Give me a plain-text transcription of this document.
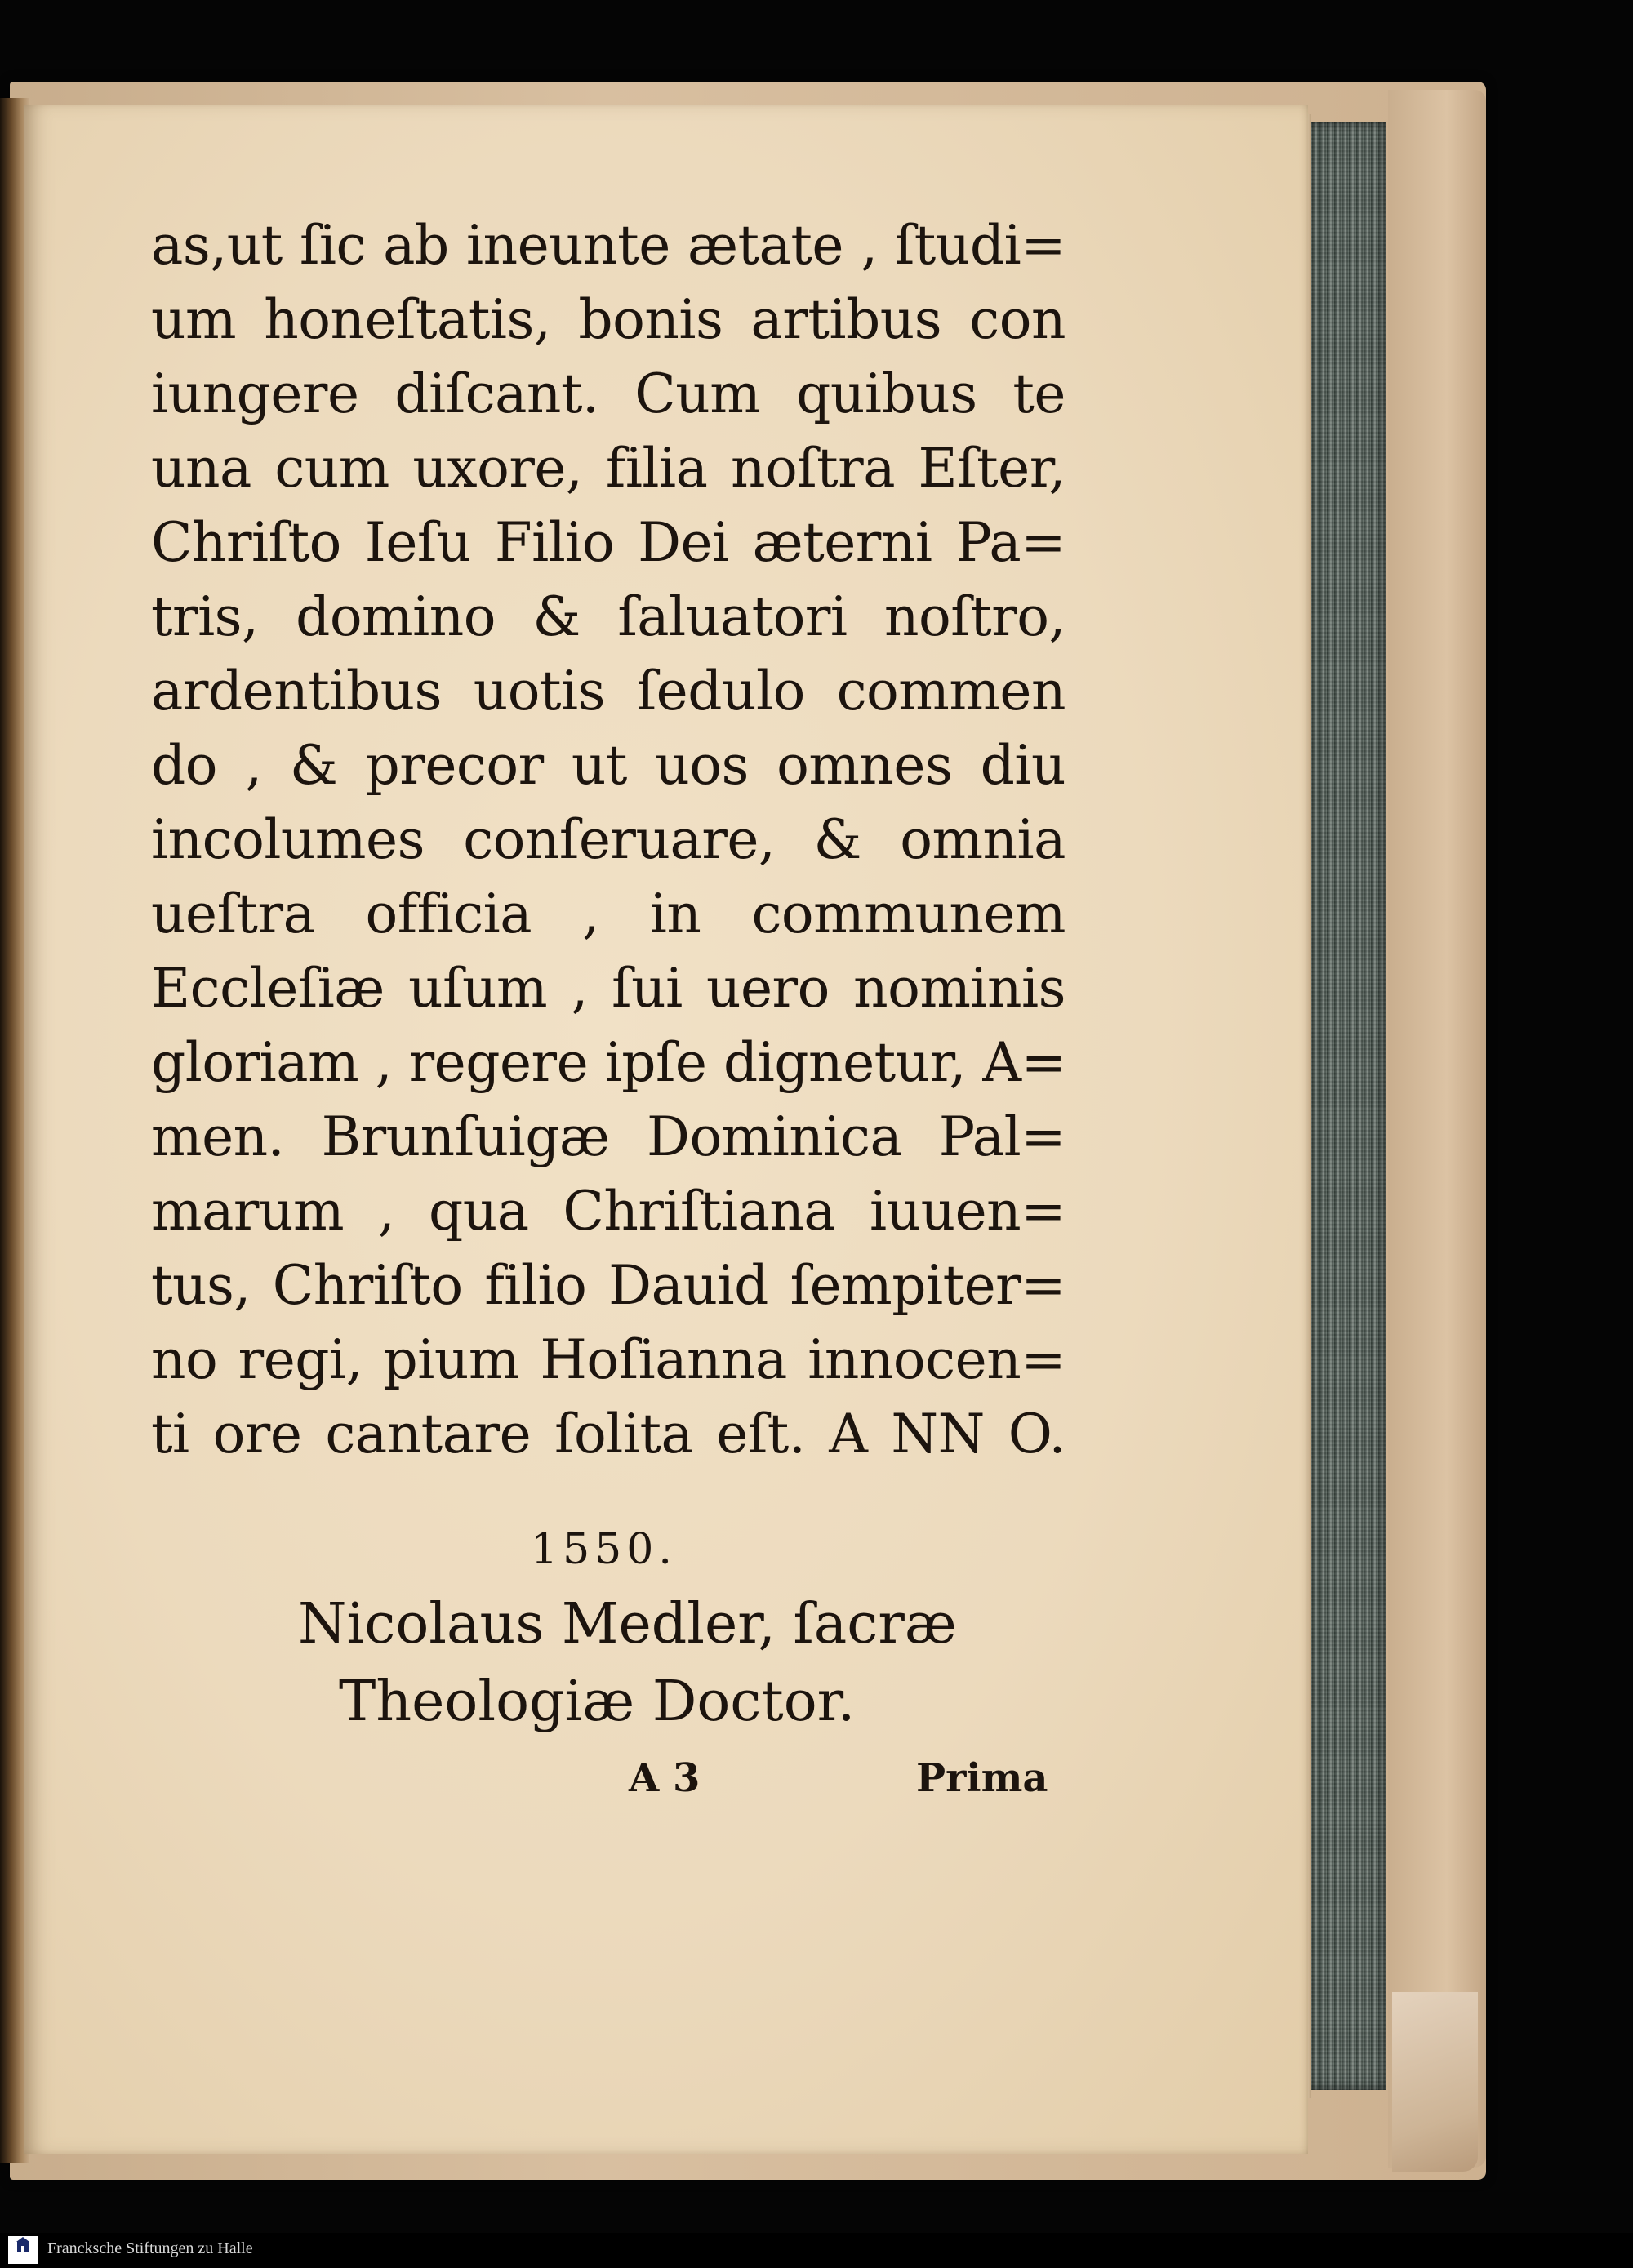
as,ut ſic ab ineunte ætate , ſtudi=
um honeſtatis, bonis artibus con
iungere diſcant. Cum quibus te
una cum uxore, filia noſtra Eſter,
Chriſto Ieſu Filio Dei æterni Pa=
tris, domino & ſaluatori noſtro,
ardentibus uotis ſedulo commen
do , & precor ut uos omnes diu
incolumes conſeruare, & omnia
ueſtra officia , in communem
Eccleſiæ uſum , ſui uero nominis
gloriam , regere ipſe dignetur, A=
men. Brunſuigæ Dominica Pal=
marum , qua Chriſtiana iuuen=
tus, Chriſto filio Dauid ſempiter=
no regi, pium Hoſianna innocen=
ti ore cantare ſolita eſt. A NN O.
1550.
Nicolaus Medler, ſacræ
Theologiæ Doctor.
A 3	Prima
Francksche Stiftungen zu Halle
